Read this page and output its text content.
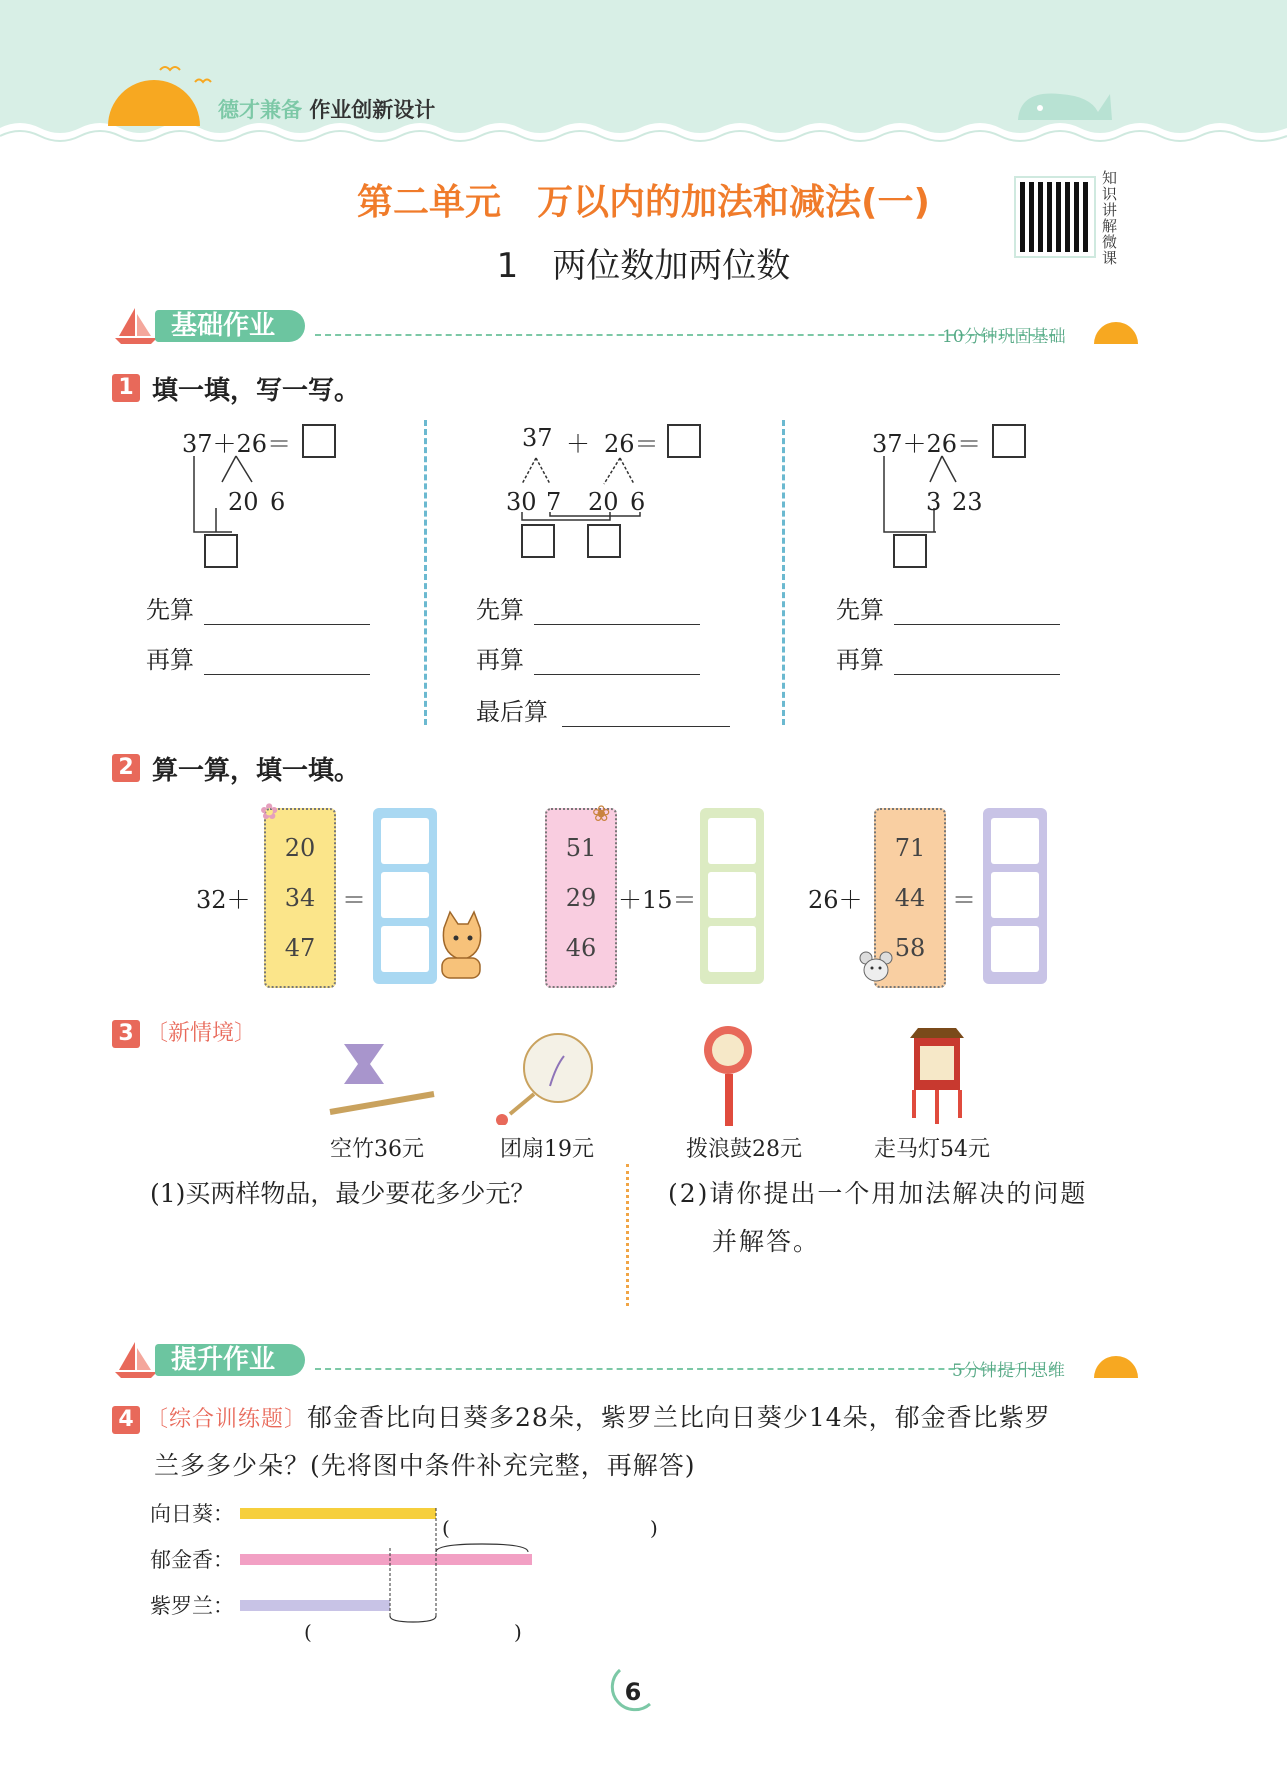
德才兼备 作业创新设计
第二单元　万以内的加法和减法(一)
1　两位数加两位数
知识讲解微课
基础作业	10分钟巩固基础
1 填一填，写一写。
37＋26＝
20 6
先算
再算
37 ＋ 26＝
30 7 20 6
先算
再算
最后算
37＋26＝
3 23
先算
再算
2 算一算，填一填。
32＋
20
34
47
✿
＝
51
29
46
❀
＋15＝	26＋
71
44
58
＝
3 〔新情境〕
空竹36元	团扇19元	拨浪鼓28元	走马灯54元
(1)买两样物品，最少要花多少元？	(2)请你提出一个用加法解决的问题
并解答。
提升作业	5分钟提升思维
4 〔综合训练题〕郁金香比向日葵多28朵，紫罗兰比向日葵少14朵，郁金香比紫罗
兰多多少朵？(先将图中条件补充完整，再解答)
向日葵：
郁金香：
紫罗兰：
(	)
(	)
6
